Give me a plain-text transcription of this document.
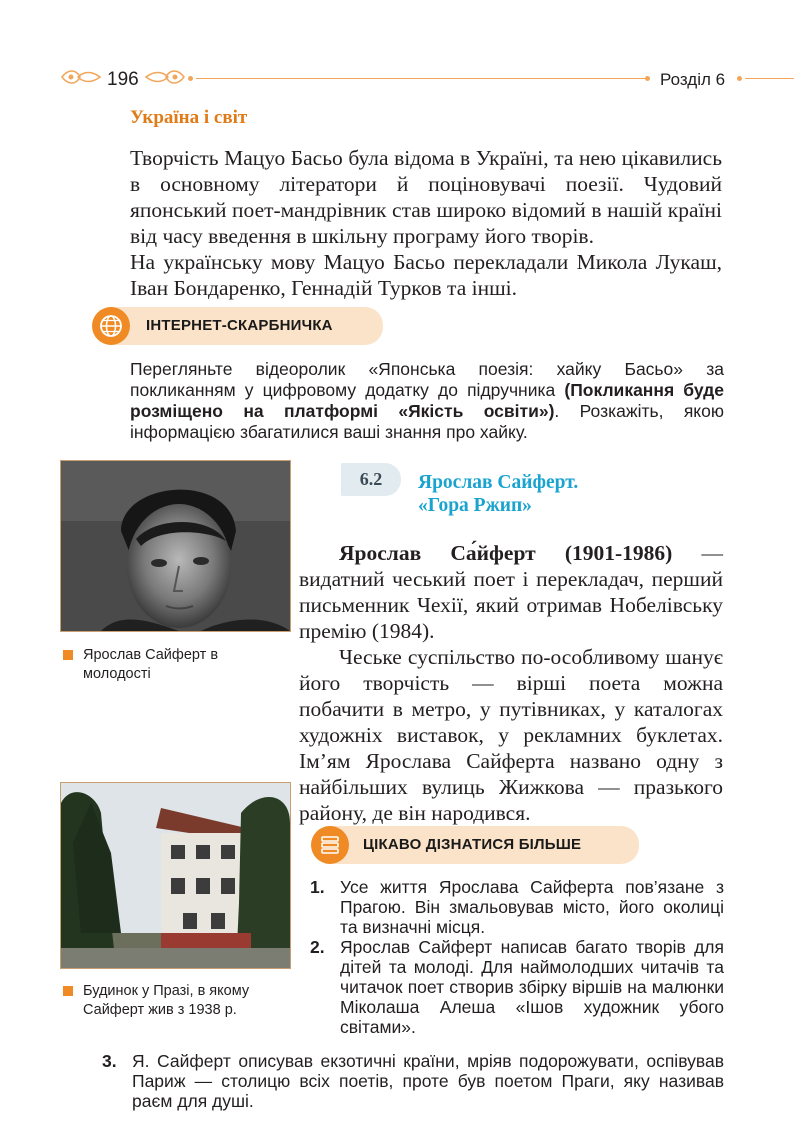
196	Розділ 6
Україна і світ

Творчість Мацуо Басьо була відома в Україні, та нею цікавились в основному літератори й поціновувачі поезії. Чудовий японський поет-мандрівник став широко відомий в нашій країні від часу введення в шкільну програму його творів.

На українську мову Мацуо Басьо перекладали Микола Лукаш, Іван Бондаренко, Геннадій Турков та інші.

ІНТЕРНЕТ-СКАРБНИЧКА

Перегляньте відеоролик «Японська поезія: хайку Басьо» за покликанням у цифровому додатку до підручника (Покликання буде розміщено на платформі «Якість освіти»). Розкажіть, якою інформацією збагатилися ваші знання про хайку.

Ярослав Сайферт в молодості
Будинок у Празі, в якому Сайферт жив з 1938 р.
6.2	Ярослав Сайферт.
«Гора Ржип»

Ярослав Са́йферт (1901-1986) — видатний чеський поет і перекладач, перший письменник Чехії, який отримав Нобелівську премію (1984).

Чеське суспільство по-особливому шанує його творчість — вірші поета можна побачити в метро, у путівниках, у каталогах художніх виставок, у рекламних буклетах. Ім’ям Ярослава Сайферта названо одну з найбільших вулиць Жижкова — празького району, де він народився.

ЦІКАВО ДІЗНАТИСЯ БІЛЬШЕ

1. Усе життя Ярослава Сайферта пов’язане з Прагою. Він змальовував місто, його околиці та визначні місця.

2. Ярослав Сайферт написав багато творів для дітей та молоді. Для наймолодших читачів та читачок поет створив збірку віршів на малюнки Міколаша Алеша «Ішов художник убого світами».

3. Я. Сайферт описував екзотичні країни, мріяв подорожувати, оспівував Париж — столицю всіх поетів, проте був поетом Праги, яку називав раєм для душі.
